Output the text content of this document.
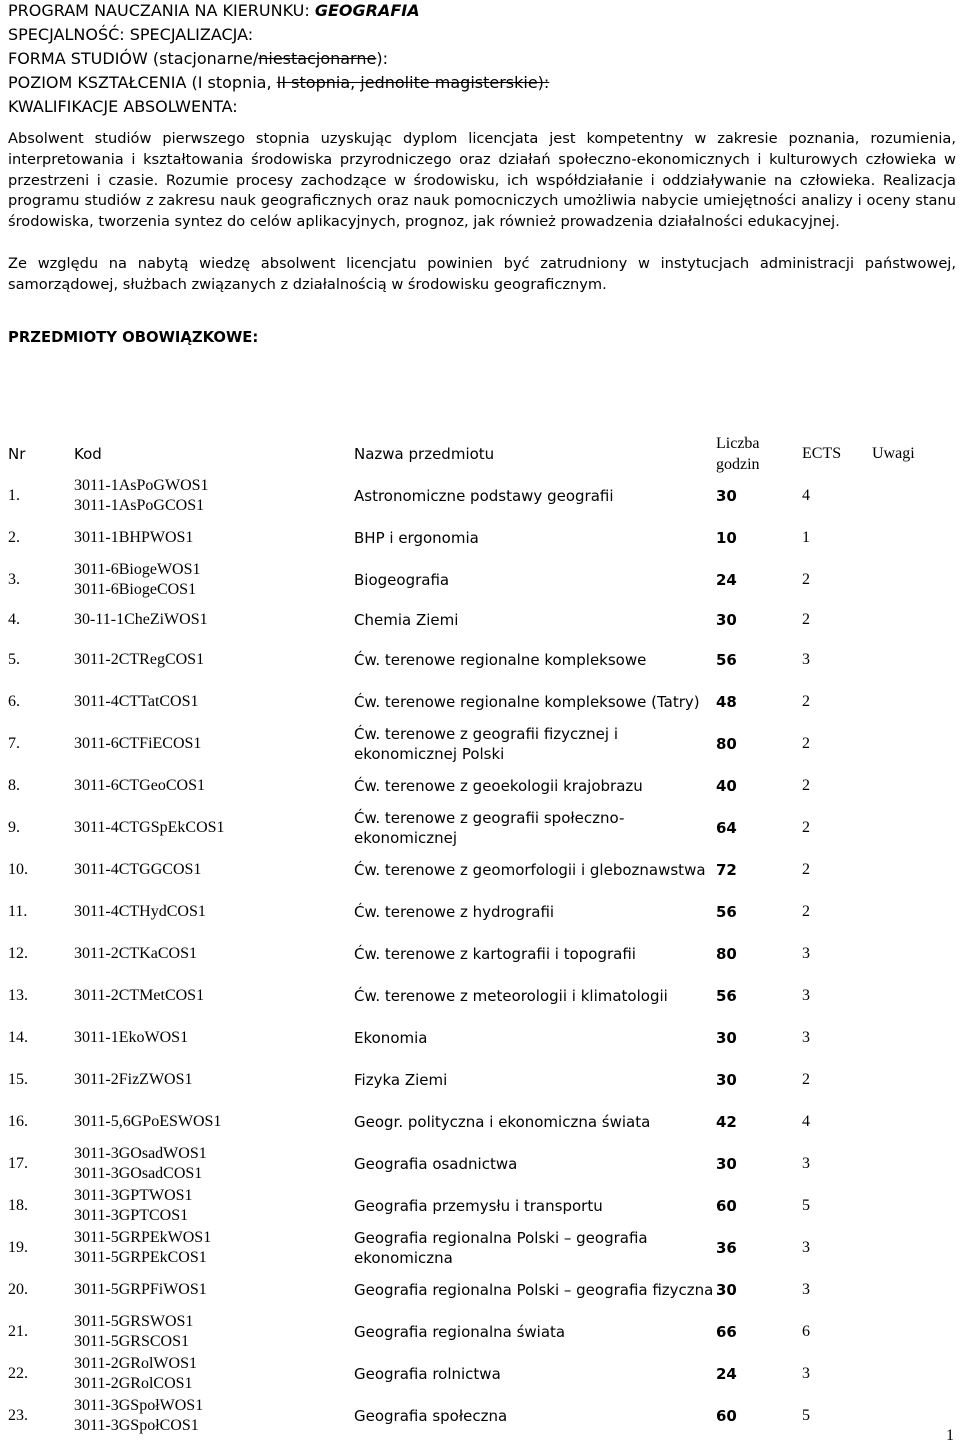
PROGRAM NAUCZANIA NA KIERUNKU: GEOGRAFIA

SPECJALNOŚĆ: SPECJALIZACJA:

FORMA STUDIÓW (stacjonarne/niestacjonarne):

POZIOM KSZTAŁCENIA (I stopnia, II stopnia, jednolite magisterskie):

KWALIFIKACJE ABSOLWENTA:

Absolwent studiów pierwszego stopnia uzyskując dyplom licencjata jest kompetentny w zakresie poznania, rozumienia, interpretowania i kształtowania środowiska przyrodniczego oraz działań społeczno-ekonomicznych i kulturowych człowieka w przestrzeni i czasie. Rozumie procesy zachodzące w środowisku, ich współdziałanie i oddziaływanie na człowieka. Realizacja programu studiów z zakresu nauk geograficznych oraz nauk pomocniczych umożliwia nabycie umiejętności analizy i oceny stanu środowiska, tworzenia syntez do celów aplikacyjnych, prognoz, jak również prowadzenia działalności edukacyjnej.

Ze względu na nabytą wiedzę absolwent licencjatu powinien być zatrudniony w instytucjach administracji państwowej, samorządowej, służbach związanych z działalnością w środowisku geograficznym.

PRZEDMIOTY OBOWIĄZKOWE:

Nr	Kod	Nazwa przedmiotu	Liczba godzin	ECTS	Uwagi
1.	3011-1AsPoGWOS1
3011-1AsPoGCOS1	Astronomiczne podstawy geografii	30	4	
2.	3011-1BHPWOS1	BHP i ergonomia	10	1	
3.	3011-6BiogeWOS1
3011-6BiogeCOS1	Biogeografia	24	2	
4.	30-11-1CheZiWOS1	Chemia Ziemi	30	2	
5.	3011-2CTRegCOS1	Ćw. terenowe regionalne kompleksowe	56	3	
6.	3011-4CTTatCOS1	Ćw. terenowe regionalne kompleksowe (Tatry)	48	2	
7.	3011-6CTFiECOS1	Ćw. terenowe z geografii fizycznej i ekonomicznej Polski	80	2	
8.	3011-6CTGeoCOS1	Ćw. terenowe z geoekologii krajobrazu	40	2	
9.	3011-4CTGSpEkCOS1	Ćw. terenowe z geografii społeczno-ekonomicznej	64	2	
10.	3011-4CTGGCOS1	Ćw. terenowe z geomorfologii i gleboznawstwa	72	2	
11.	3011-4CTHydCOS1	Ćw. terenowe z hydrografii	56	2	
12.	3011-2CTKaCOS1	Ćw. terenowe z kartografii i topografii	80	3	
13.	3011-2CTMetCOS1	Ćw. terenowe z meteorologii i klimatologii	56	3	
14.	3011-1EkoWOS1	Ekonomia	30	3	
15.	3011-2FizZWOS1	Fizyka Ziemi	30	2	
16.	3011-5,6GPoESWOS1	Geogr. polityczna i ekonomiczna świata	42	4	
17.	3011-3GOsadWOS1
3011-3GOsadCOS1	Geografia osadnictwa	30	3	
18.	3011-3GPTWOS1
3011-3GPTCOS1	Geografia przemysłu i transportu	60	5	
19.	3011-5GRPEkWOS1
3011-5GRPEkCOS1	Geografia regionalna Polski – geografia ekonomiczna	36	3	
20.	3011-5GRPFiWOS1	Geografia regionalna Polski – geografia fizyczna	30	3	
21.	3011-5GRSWOS1
3011-5GRSCOS1	Geografia regionalna świata	66	6	
22.	3011-2GRolWOS1
3011-2GRolCOS1	Geografia rolnictwa	24	3	
23.	3011-3GSpołWOS1
3011-3GSpołCOS1	Geografia społeczna	60	5	
1
